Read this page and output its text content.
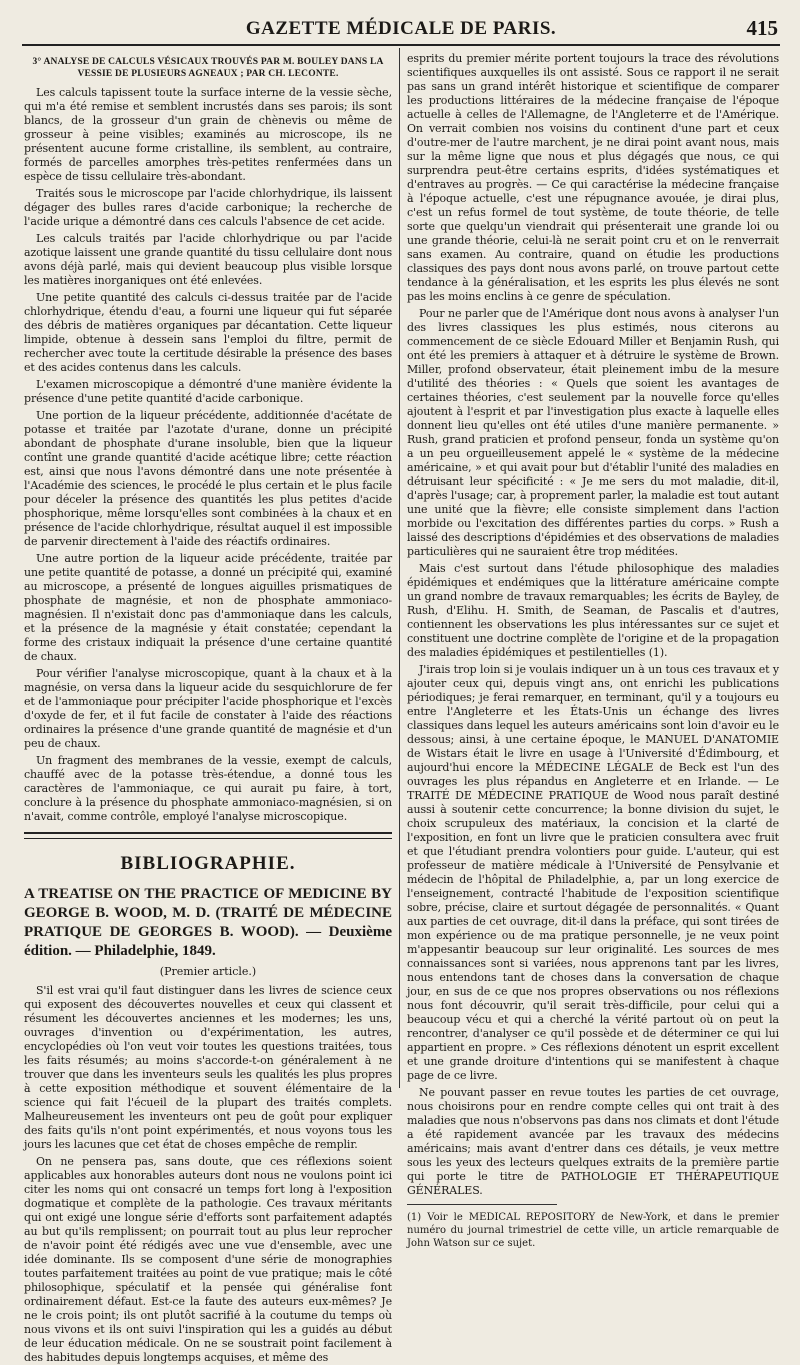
GAZETTE MÉDICALE DE PARIS.	415
3° ANALYSE DE CALCULS VÉSICAUX TROUVÉS PAR M. BOULEY DANS LA VESSIE DE PLUSIEURS AGNEAUX ; PAR CH. LECONTE.

Les calculs tapissent toute la surface interne de la vessie sèche, qui m'a été remise et semblent incrustés dans ses parois; ils sont blancs, de la grosseur d'un grain de chènevis ou même de grosseur à peine visibles; examinés au microscope, ils ne présentent aucune forme cristalline, ils semblent, au contraire, formés de parcelles amorphes très-petites renfermées dans un espèce de tissu cellulaire très-abondant.

Traités sous le microscope par l'acide chlorhydrique, ils laissent dégager des bulles rares d'acide carbonique; la recherche de l'acide urique a démontré dans ces calculs l'absence de cet acide.

Les calculs traités par l'acide chlorhydrique ou par l'acide azotique laissent une grande quantité du tissu cellulaire dont nous avons déjà parlé, mais qui devient beaucoup plus visible lorsque les matières inorganiques ont été enlevées.

Une petite quantité des calculs ci-dessus traitée par de l'acide chlorhydrique, étendu d'eau, a fourni une liqueur qui fut séparée des débris de matières organiques par décantation. Cette liqueur limpide, obtenue à dessein sans l'emploi du filtre, permit de rechercher avec toute la certitude désirable la présence des bases et des acides contenus dans les calculs.

L'examen microscopique a démontré d'une manière évidente la présence d'une petite quantité d'acide carbonique.

Une portion de la liqueur précédente, additionnée d'acétate de potasse et traitée par l'azotate d'urane, donne un précipité abondant de phosphate d'urane insoluble, bien que la liqueur contînt une grande quantité d'acide acétique libre; cette réaction est, ainsi que nous l'avons démontré dans une note présentée à l'Académie des sciences, le procédé le plus certain et le plus facile pour déceler la présence des quantités les plus petites d'acide phosphorique, même lorsqu'elles sont combinées à la chaux et en présence de l'acide chlorhydrique, résultat auquel il est impossible de parvenir directement à l'aide des réactifs ordinaires.

Une autre portion de la liqueur acide précédente, traitée par une petite quantité de potasse, a donné un précipité qui, examiné au microscope, a présenté de longues aiguilles prismatiques de phosphate de magnésie, et non de phosphate ammoniaco-magnésien. Il n'existait donc pas d'ammoniaque dans les calculs, et la présence de la magnésie y était constatée; cependant la forme des cristaux indiquait la présence d'une certaine quantité de chaux.

Pour vérifier l'analyse microscopique, quant à la chaux et à la magnésie, on versa dans la liqueur acide du sesquichlorure de fer et de l'ammoniaque pour précipiter l'acide phosphorique et l'excès d'oxyde de fer, et il fut facile de constater à l'aide des réactions ordinaires la présence d'une grande quantité de magnésie et d'un peu de chaux.

Un fragment des membranes de la vessie, exempt de calculs, chauffé avec de la potasse très-étendue, a donné tous les caractères de l'ammoniaque, ce qui aurait pu faire, à tort, conclure à la présence du phosphate ammoniaco-magnésien, si on n'avait, comme contrôle, employé l'analyse microscopique.

BIBLIOGRAPHIE.
A TREATISE ON THE PRACTICE OF MEDICINE BY GEORGE B. WOOD, M. D. (TRAITÉ DE MÉDECINE PRATIQUE DE GEORGES B. WOOD). — Deuxième édition. — Philadelphie, 1849.
(Premier article.)

S'il est vrai qu'il faut distinguer dans les livres de science ceux qui exposent des découvertes nouvelles et ceux qui classent et résument les découvertes anciennes et les modernes; les uns, ouvrages d'invention ou d'expérimentation, les autres, encyclopédies où l'on veut voir toutes les questions traitées, tous les faits résumés; au moins s'accorde-t-on généralement à ne trouver que dans les inventeurs seuls les qualités les plus propres à cette exposition méthodique et souvent élémentaire de la science qui fait l'écueil de la plupart des traités complets. Malheureusement les inventeurs ont peu de goût pour expliquer des faits qu'ils n'ont point expérimentés, et nous voyons tous les jours les lacunes que cet état de choses empêche de remplir.

On ne pensera pas, sans doute, que ces réflexions soient applicables aux honorables auteurs dont nous ne voulons point ici citer les noms qui ont consacré un temps fort long à l'exposition dogmatique et complète de la pathologie. Ces travaux méritants qui ont exigé une longue série d'efforts sont parfaitement adaptés au but qu'ils remplissent; on pourrait tout au plus leur reprocher de n'avoir point été rédigés avec une vue d'ensemble, avec une idée dominante. Ils se composent d'une série de monographies toutes parfaitement traitées au point de vue pratique; mais le côté philosophique, spéculatif et la pensée qui généralise font ordinairement défaut. Est-ce la faute des auteurs eux-mêmes? Je ne le crois point; ils ont plutôt sacrifié à la coutume du temps où nous vivons et ils ont suivi l'inspiration qui les a guidés au début de leur éducation médicale. On ne se soustrait point facilement à des habitudes depuis longtemps acquises, et même des

esprits du premier mérite portent toujours la trace des révolutions scientifiques auxquelles ils ont assisté. Sous ce rapport il ne serait pas sans un grand intérêt historique et scientifique de comparer les productions littéraires de la médecine française de l'époque actuelle à celles de l'Allemagne, de l'Angleterre et de l'Amérique. On verrait combien nos voisins du continent d'une part et ceux d'outre-mer de l'autre marchent, je ne dirai point avant nous, mais sur la même ligne que nous et plus dégagés que nous, ce qui surprendra peut-être certains esprits, d'idées systématiques et d'entraves au progrès. — Ce qui caractérise la médecine française à l'époque actuelle, c'est une répugnance avouée, je dirai plus, c'est un refus formel de tout système, de toute théorie, de telle sorte que quelqu'un viendrait qui présenterait une grande loi ou une grande théorie, celui-là ne serait point cru et on le renverrait sans examen. Au contraire, quand on étudie les productions classiques des pays dont nous avons parlé, on trouve partout cette tendance à la généralisation, et les esprits les plus élevés ne sont pas les moins enclins à ce genre de spéculation.

Pour ne parler que de l'Amérique dont nous avons à analyser l'un des livres classiques les plus estimés, nous citerons au commencement de ce siècle Edouard Miller et Benjamin Rush, qui ont été les premiers à attaquer et à détruire le système de Brown. Miller, profond observateur, était pleinement imbu de la mesure d'utilité des théories : « Quels que soient les avantages de certaines théories, c'est seulement par la nouvelle force qu'elles ajoutent à l'esprit et par l'investigation plus exacte à laquelle elles donnent lieu qu'elles ont été utiles d'une manière permanente. » Rush, grand praticien et profond penseur, fonda un système qu'on a un peu orgueilleusement appelé le « système de la médecine américaine, » et qui avait pour but d'établir l'unité des maladies en détruisant leur spécificité : « Je me sers du mot maladie, dit-il, d'après l'usage; car, à proprement parler, la maladie est tout autant une unité que la fièvre; elle consiste simplement dans l'action morbide ou l'excitation des différentes parties du corps. » Rush a laissé des descriptions d'épidémies et des observations de maladies particulières qui ne sauraient être trop méditées.

Mais c'est surtout dans l'étude philosophique des maladies épidémiques et endémiques que la littérature américaine compte un grand nombre de travaux remarquables; les écrits de Bayley, de Rush, d'Elihu. H. Smith, de Seaman, de Pascalis et d'autres, contiennent les observations les plus intéressantes sur ce sujet et constituent une doctrine complète de l'origine et de la propagation des maladies épidémiques et pestilentielles (1).

J'irais trop loin si je voulais indiquer un à un tous ces travaux et y ajouter ceux qui, depuis vingt ans, ont enrichi les publications périodiques; je ferai remarquer, en terminant, qu'il y a toujours eu entre l'Angleterre et les États-Unis un échange des livres classiques dans lequel les auteurs américains sont loin d'avoir eu le dessous; ainsi, à une certaine époque, le MANUEL D'ANATOMIE de Wistars était le livre en usage à l'Université d'Édimbourg, et aujourd'hui encore la MÉDECINE LÉGALE de Beck est l'un des ouvrages les plus répandus en Angleterre et en Irlande. — Le TRAITÉ DE MÉDECINE PRATIQUE de Wood nous paraît destiné aussi à soutenir cette concurrence; la bonne division du sujet, le choix scrupuleux des matériaux, la concision et la clarté de l'exposition, en font un livre que le praticien consultera avec fruit et que l'étudiant prendra volontiers pour guide. L'auteur, qui est professeur de matière médicale à l'Université de Pensylvanie et médecin de l'hôpital de Philadelphie, a, par un long exercice de l'enseignement, contracté l'habitude de l'exposition scientifique sobre, précise, claire et surtout dégagée de personnalités. « Quant aux parties de cet ouvrage, dit-il dans la préface, qui sont tirées de mon expérience ou de ma pratique personnelle, je ne veux point m'appesantir beaucoup sur leur originalité. Les sources de mes connaissances sont si variées, nous apprenons tant par les livres, nous entendons tant de choses dans la conversation de chaque jour, en sus de ce que nos propres observations ou nos réflexions nous font découvrir, qu'il serait très-difficile, pour celui qui a beaucoup vécu et qui a cherché la vérité partout où on peut la rencontrer, d'analyser ce qu'il possède et de déterminer ce qui lui appartient en propre. » Ces réflexions dénotent un esprit excellent et une grande droiture d'intentions qui se manifestent à chaque page de ce livre.

Ne pouvant passer en revue toutes les parties de cet ouvrage, nous choisirons pour en rendre compte celles qui ont trait à des maladies que nous n'observons pas dans nos climats et dont l'étude a été rapidement avancée par les travaux des médecins américains; mais avant d'entrer dans ces détails, je veux mettre sous les yeux des lecteurs quelques extraits de la première partie qui porte le titre de PATHOLOGIE ET THÉRAPEUTIQUE GÉNÉRALES.

(1) Voir le MEDICAL REPOSITORY de New-York, et dans le premier numéro du journal trimestriel de cette ville, un article remarquable de John Watson sur ce sujet.
